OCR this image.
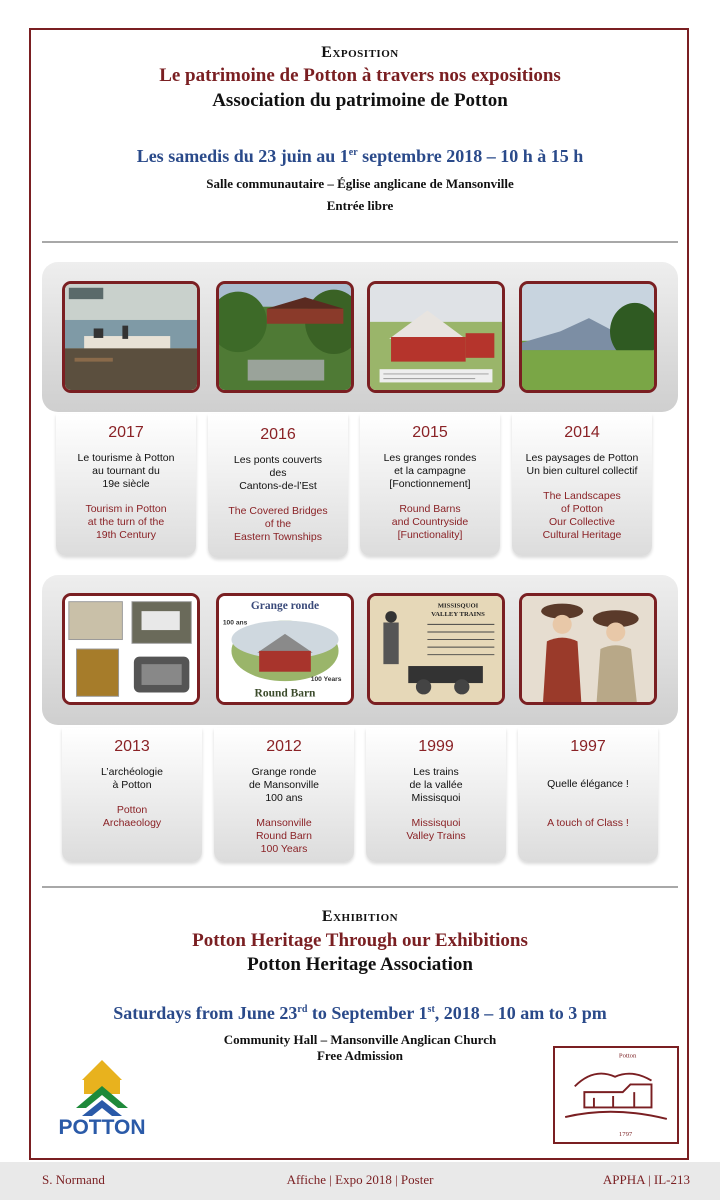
Exposition
Le patrimoine de Potton à travers nos expositions
Association du patrimoine de Potton
Les samedis du 23 juin au 1er septembre 2018 – 10 h à 15 h
Salle communautaire – Église anglicane de Mansonville
Entrée libre
2017
Le tourisme à Potton
au tournant du
19e siècle
Tourism in Potton
at the turn of the
19th Century
2016
Les ponts couverts
des
Cantons-de-l’Est
The Covered Bridges
of the
Eastern Townships
2015
Les granges rondes
et la campagne
[Fonctionnement]
Round Barns
and Countryside
[Functionality]
2014
Les paysages de Potton
Un bien culturel collectif
The Landscapes
of Potton
Our Collective
Cultural Heritage
Grange ronde
100 ans
100 Years
Round Barn
MISSISQUOI
VALLEY TRAINS
2013
L’archéologie
à Potton
Potton
Archaeology
2012
Grange ronde
de Mansonville
100 ans
Mansonville
Round Barn
100 Years
1999
Les trains
de la vallée
Missisquoi
Missisquoi
Valley Trains
1997
Quelle élégance !
A touch of Class !
Exhibition
Potton Heritage Through our Exhibitions
Potton Heritage Association
Saturdays from June 23rd to September 1st, 2018 – 10 am to 3 pm
Community Hall – Mansonville Anglican Church
Free Admission
POTTON
Potton
1797
S. Normand	Affiche | Expo 2018 | Poster	APPHA | IL-213
